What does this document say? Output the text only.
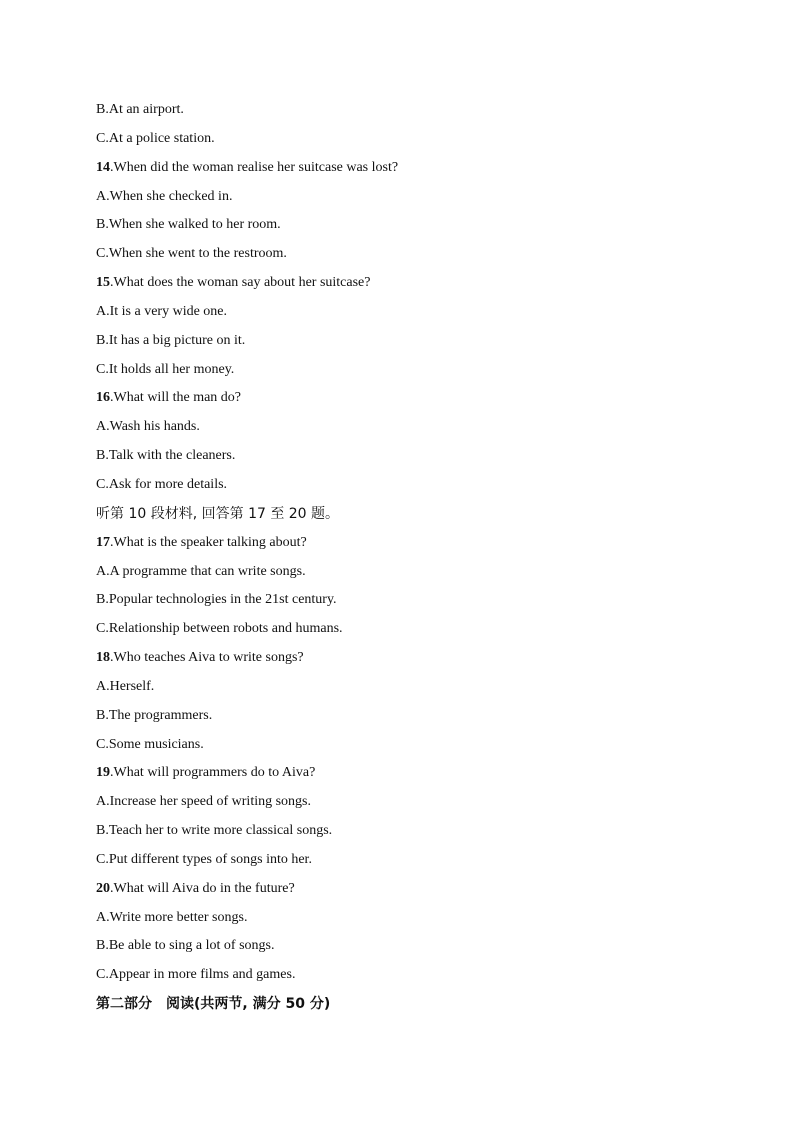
B.At an airport.
C.At a police station.
14.When did the woman realise her suitcase was lost?
A.When she checked in.
B.When she walked to her room.
C.When she went to the restroom.
15.What does the woman say about her suitcase?
A.It is a very wide one.
B.It has a big picture on it.
C.It holds all her money.
16.What will the man do?
A.Wash his hands.
B.Talk with the cleaners.
C.Ask for more details.
听第 10 段材料, 回答第 17 至 20 题。
17.What is the speaker talking about?
A.A programme that can write songs.
B.Popular technologies in the 21st century.
C.Relationship between robots and humans.
18.Who teaches Aiva to write songs?
A.Herself.
B.The programmers.
C.Some musicians.
19.What will programmers do to Aiva?
A.Increase her speed of writing songs.
B.Teach her to write more classical songs.
C.Put different types of songs into her.
20.What will Aiva do in the future?
A.Write more better songs.
B.Be able to sing a lot of songs.
C.Appear in more films and games.
第二部分　阅读(共两节, 满分 50 分)
